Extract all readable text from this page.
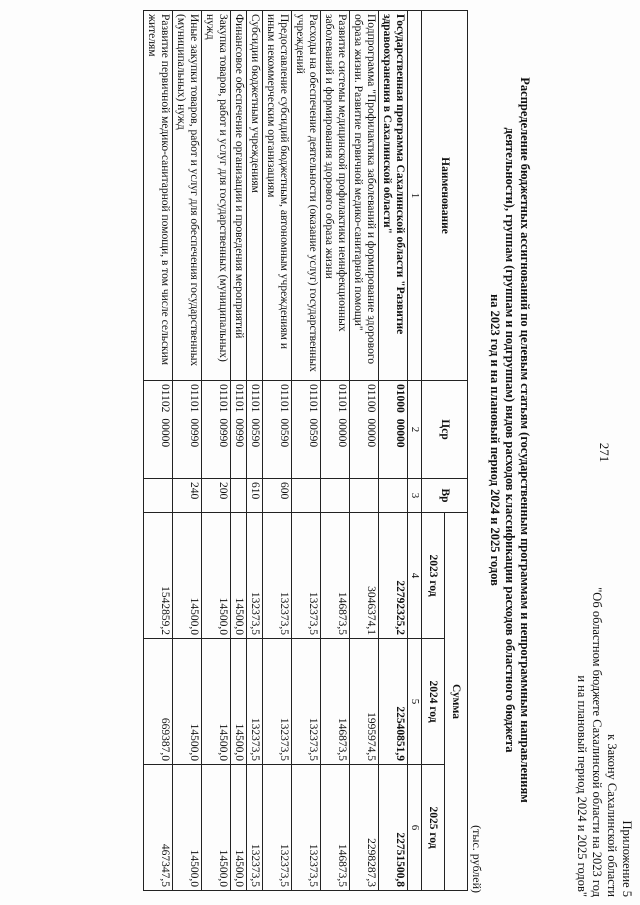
271
Приложение 5
к Закону Сахалинской области
"Об областном бюджете Сахалинской области на 2023 год
и на плановый период 2024 и 2025 годов"
Распределение бюджетных ассигнований по целевым статьям (государственным программам и непрограммным направлениям
деятельности), группам (группам и подгруппам) видов расходов классификации расходов областного бюджета
на 2023 год и на плановый период 2024 и 2025 годов
(тыс. рублей)
Наименование	Цср	Вр	Сумма		
			2023 год	2024 год	2025 год
1	2	3	4	5	6
Государственная программа Сахалинской области "Развитие здравоохранения в Сахалинской области"	0100000000		22792325,2	22540851,9	22751500,8
Подпрограмма "Профилактика заболеваний и формирование здорового образа жизни. Развитие первичной медико-санитарной помощи"	0110000000		3046374,1	1995974,5	2298287,3
Развитие системы медицинской профилактики неинфекционных заболеваний и формирования здорового образа жизни	0110100000		146873,5	146873,5	146873,5
Расходы на обеспечение деятельности (оказание услуг) государственных учреждений	0110100590		132373,5	132373,5	132373,5
Предоставление субсидий бюджетным, автономным учреждениям и иным некоммерческим организациям	0110100590	600	132373,5	132373,5	132373,5
Субсидии бюджетным учреждениям	0110100590	610	132373,5	132373,5	132373,5
Финансовое обеспечение организации и проведения мероприятий	0110100990		14500,0	14500,0	14500,0
Закупка товаров, работ и услуг для государственных (муниципальных) нужд	0110100990	200	14500,0	14500,0	14500,0
Иные закупки товаров, работ и услуг для обеспечения государственных (муниципальных) нужд	0110100990	240	14500,0	14500,0	14500,0
Развитие первичной медико-санитарной помощи, в том числе сельским жителям	0110200000		1542859,2	669387,0	467347,5
